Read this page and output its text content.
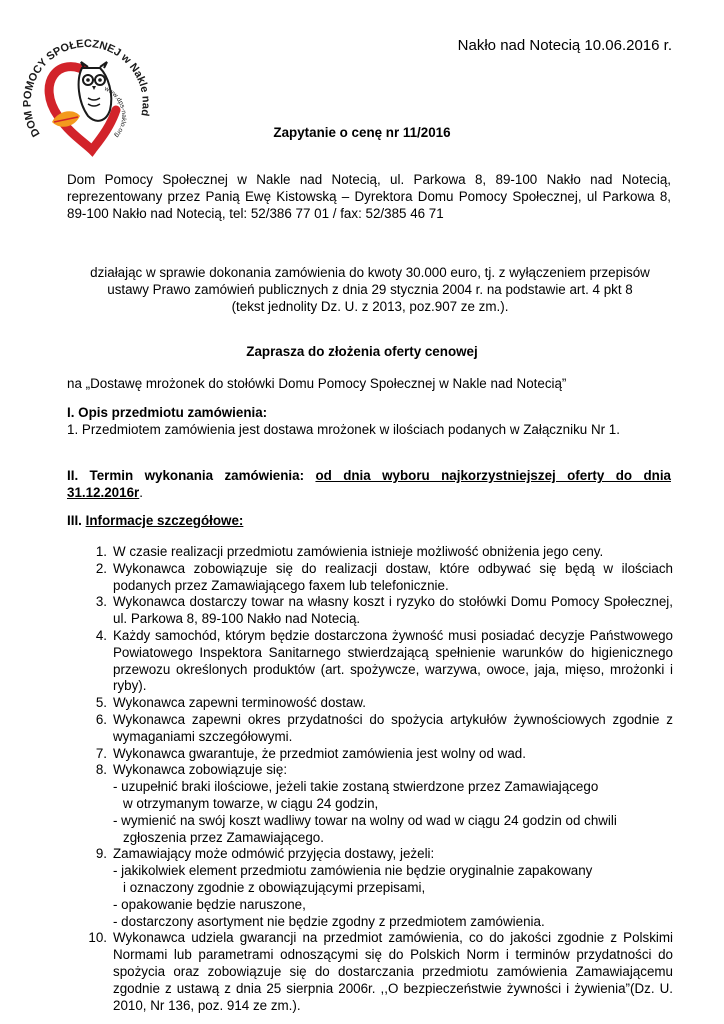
DOM POMOCY SPOŁECZNEJ w Nakle nad
www.dps-naklo.org
Nakło nad Notecią 10.06.2016 r.
Zapytanie o cenę nr 11/2016
Dom Pomocy Społecznej w Nakle nad Notecią, ul. Parkowa 8, 89-100 Nakło nad Notecią, reprezentowany przez Panią Ewę Kistowską – Dyrektora Domu Pomocy Społecznej, ul Parkowa 8, 89-100 Nakło nad Notecią, tel: 52/386 77 01 / fax: 52/385 46 71
działając w sprawie dokonania zamówienia do kwoty 30.000 euro, tj. z wyłączeniem przepisów ustawy Prawo zamówień publicznych z dnia 29 stycznia 2004 r. na podstawie art. 4 pkt 8 (tekst jednolity Dz. U. z 2013, poz.907 ze zm.).
Zaprasza do złożenia oferty cenowej
na „Dostawę mrożonek do stołówki Domu Pomocy Społecznej w Nakle nad Notecią”
I. Opis przedmiotu zamówienia:
1. Przedmiotem zamówienia jest dostawa mrożonek w ilościach podanych w Załączniku Nr 1.
II. Termin wykonania zamówienia: od dnia wyboru najkorzystniejszej oferty do dnia 31.12.2016r.
III. Informacje szczegółowe:
1. W czasie realizacji przedmiotu zamówienia istnieje możliwość obniżenia jego ceny.
2. Wykonawca zobowiązuje się do realizacji dostaw, które odbywać się będą w ilościach podanych przez Zamawiającego faxem lub telefonicznie.
3. Wykonawca dostarczy towar na własny koszt i ryzyko do stołówki Domu Pomocy Społecznej, ul. Parkowa 8, 89-100 Nakło nad Notecią.
4. Każdy samochód, którym będzie dostarczona żywność musi posiadać decyzje Państwowego Powiatowego Inspektora Sanitarnego stwierdzającą spełnienie warunków do higienicznego przewozu określonych produktów (art. spożywcze, warzywa, owoce, jaja, mięso, mrożonki i ryby).
5. Wykonawca zapewni terminowość dostaw.
6. Wykonawca zapewni okres przydatności do spożycia artykułów żywnościowych zgodnie z wymaganiami szczegółowymi.
7. Wykonawca gwarantuje, że przedmiot zamówienia jest wolny od wad.
8. Wykonawca zobowiązuje się:
- uzupełnić braki ilościowe, jeżeli takie zostaną stwierdzone przez Zamawiającego
w otrzymanym towarze, w ciągu 24 godzin,
- wymienić na swój koszt wadliwy towar na wolny od wad w ciągu 24 godzin od chwili
zgłoszenia przez Zamawiającego.
9. Zamawiający może odmówić przyjęcia dostawy, jeżeli:
- jakikolwiek element przedmiotu zamówienia nie będzie oryginalnie zapakowany
i oznaczony zgodnie z obowiązującymi przepisami,
- opakowanie będzie naruszone,
- dostarczony asortyment nie będzie zgodny z przedmiotem zamówienia.
10. Wykonawca udziela gwarancji na przedmiot zamówienia, co do jakości zgodnie z Polskimi Normami lub parametrami odnoszącymi się do Polskich Norm i terminów przydatności do spożycia oraz zobowiązuje się do dostarczania przedmiotu zamówienia Zamawiającemu zgodnie z ustawą z dnia 25 sierpnia 2006r. ,,O bezpieczeństwie żywności i żywienia”(Dz. U. 2010, Nr 136, poz. 914 ze zm.).
